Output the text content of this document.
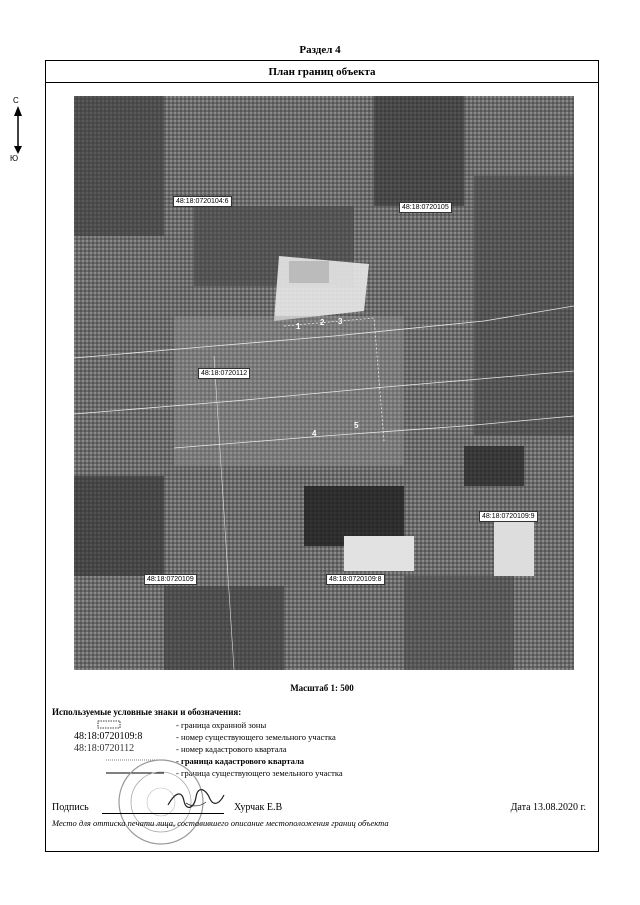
Раздел 4
План границ объекта
48:18:0720104:6
48:18:0720105
48:18:0720112
48:18:0720109:9
48:18:0720109	48:18:0720109:8
1 2 3
4
5
Масштаб 1: 500
Используемые условные знаки и обозначения:
- граница охранной зоны
48:18:0720109:8	- номер существующего земельного участка
48:18:0720112	- номер кадастрового квартала
- граница кадастрового квартала
- граница существующего земельного участка
Подпись	Хурчак Е.В	Дата 13.08.2020 г.
Место для оттиска печати лица, составившего описание местоположения границ объекта
С
Ю
